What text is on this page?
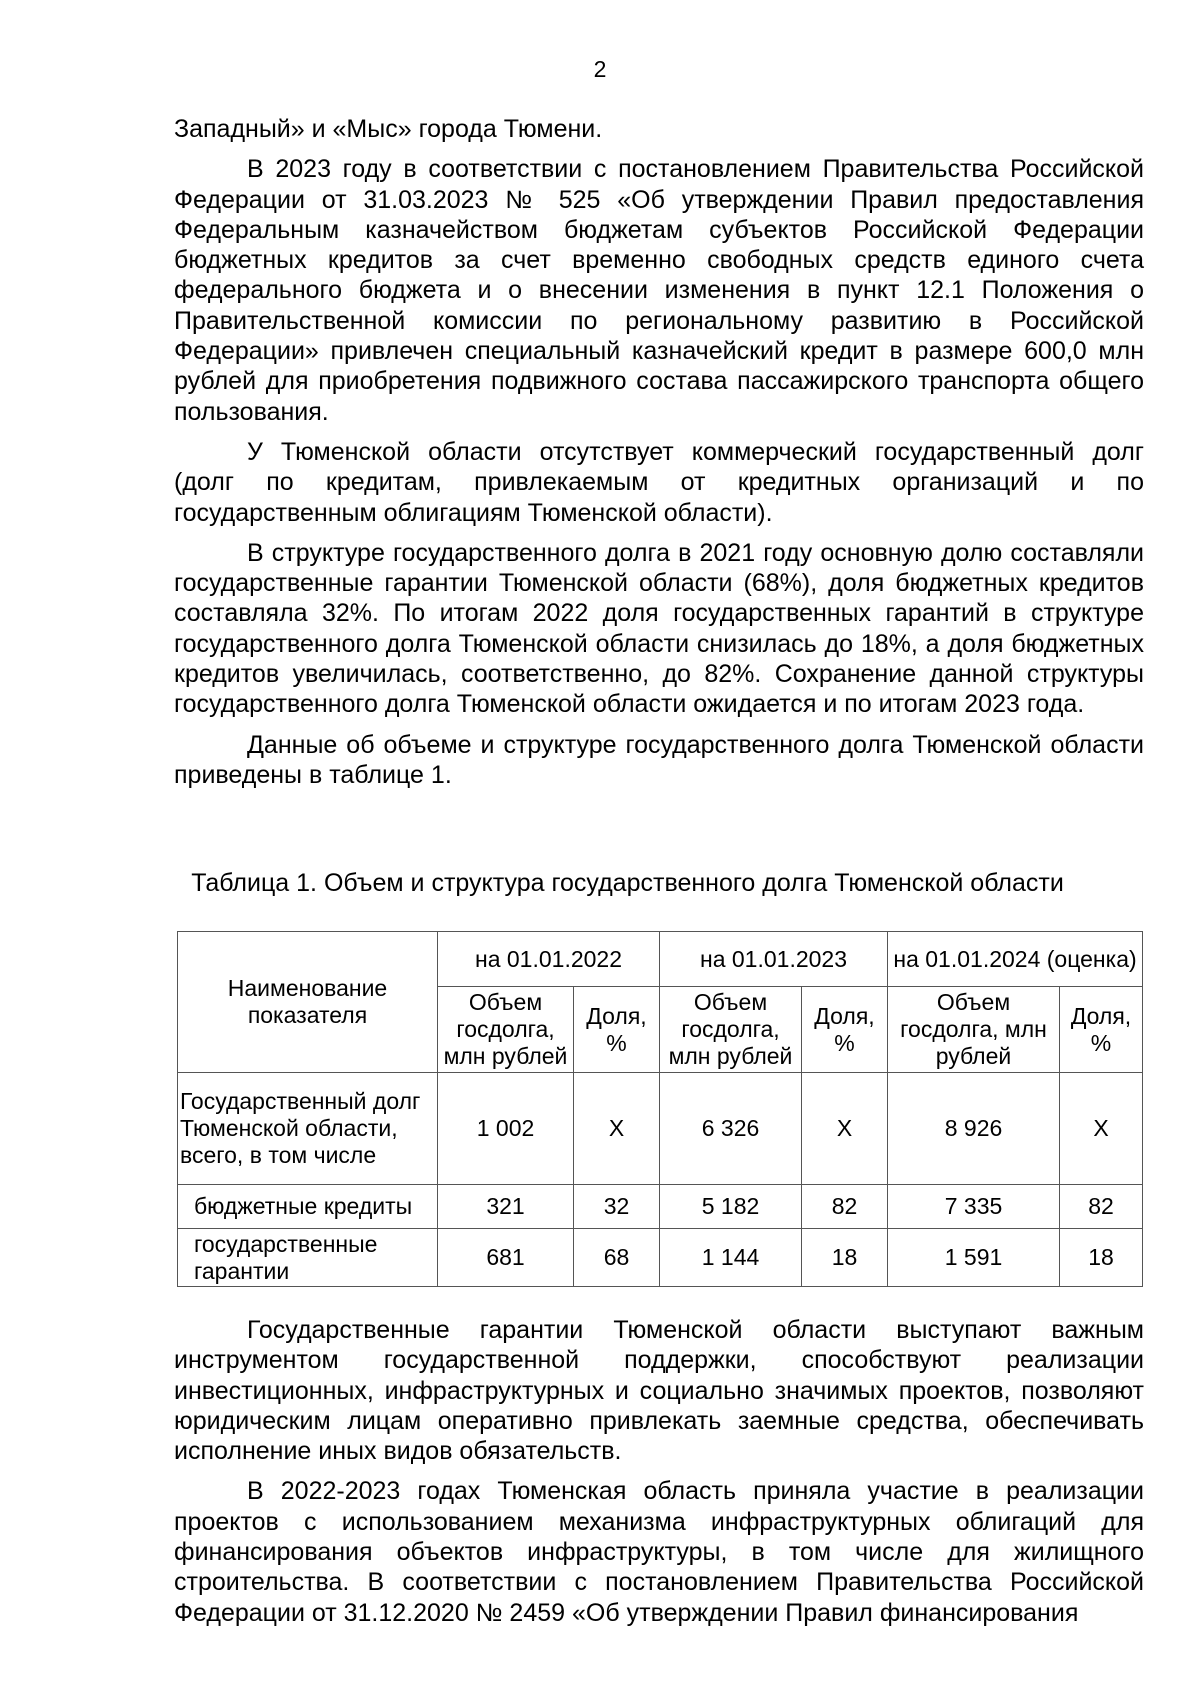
2

Западный» и «Мыс» города Тюмени.

В 2023 году в соответствии с постановлением Правительства Российской Федерации от 31.03.2023 № 525 «Об утверждении Правил предоставления Федеральным казначейством бюджетам субъектов Российской Федерации бюджетных кредитов за счет временно свободных средств единого счета федерального бюджета и о внесении изменения в пункт 12.1 Положения о Правительственной комиссии по региональному развитию в Российской Федерации» привлечен специальный казначейский кредит в размере 600,0 млн рублей для приобретения подвижного состава пассажирского транспорта общего пользования.

У Тюменской области отсутствует коммерческий государственный долг (долг по кредитам, привлекаемым от кредитных организаций и по государственным облигациям Тюменской области).

В структуре государственного долга в 2021 году основную долю составляли государственные гарантии Тюменской области (68%), доля бюджетных кредитов составляла 32%. По итогам 2022 доля государственных гарантий в структуре государственного долга Тюменской области снизилась до 18%, а доля бюджетных кредитов увеличилась, соответственно, до 82%. Сохранение данной структуры государственного долга Тюменской области ожидается и по итогам 2023 года.

Данные об объеме и структуре государственного долга Тюменской области приведены в таблице 1.

Таблица 1. Объем и структура государственного долга Тюменской области
Наименование показателя	на 01.01.2022		на 01.01.2023		на 01.01.2024 (оценка)	
	Объем госдолга, млн рублей	Доля, %	Объем госдолга, млн рублей	Доля, %	Объем госдолга, млн рублей	Доля, %
Государственный долг Тюменской области, всего, в том числе	1 002	X	6 326	X	8 926	X
бюджетные кредиты	321	32	5 182	82	7 335	82
государственные гарантии	681	68	1 144	18	1 591	18

Государственные гарантии Тюменской области выступают важным инструментом государственной поддержки, способствуют реализации инвестиционных, инфраструктурных и социально значимых проектов, позволяют юридическим лицам оперативно привлекать заемные средства, обеспечивать исполнение иных видов обязательств.

В 2022-2023 годах Тюменская область приняла участие в реализации проектов с использованием механизма инфраструктурных облигаций для финансирования объектов инфраструктуры, в том числе для жилищного строительства. В соответствии с постановлением Правительства Российской Федерации от 31.12.2020 № 2459 «Об утверждении Правил финансирования
